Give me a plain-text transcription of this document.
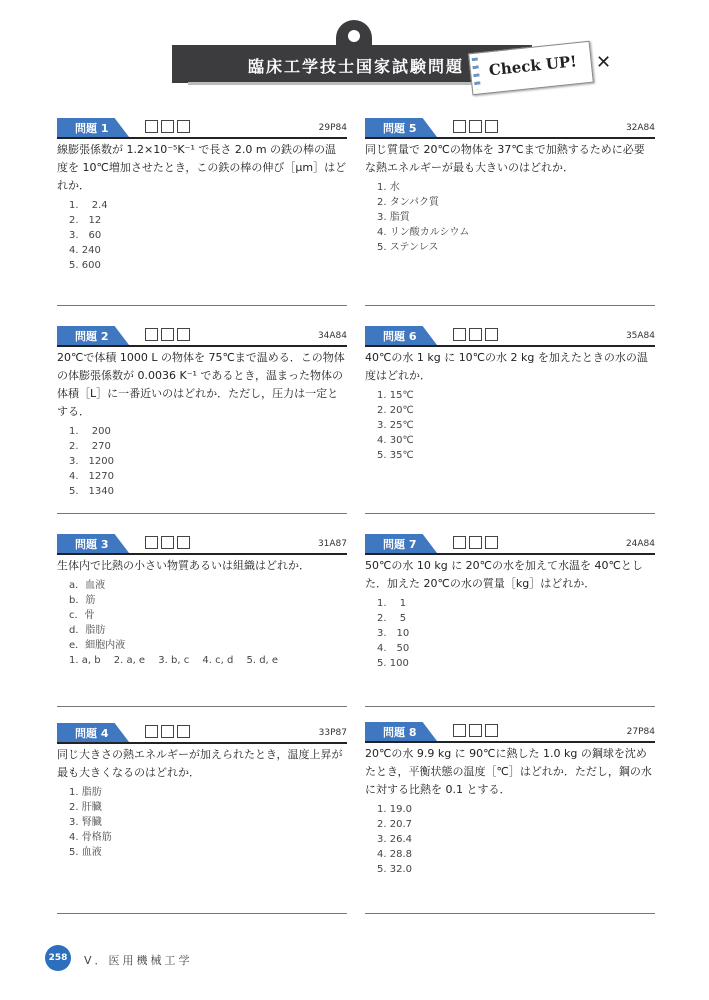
臨床工学技士国家試験問題 Check UP! ✕
問題 1	29P84
線膨張係数が 1.2×10⁻⁵K⁻¹ で長さ 2.0 m の鉄の棒の温度を 10℃増加させたとき，この鉄の棒の伸び［μm］はどれか．
1.　 2.4
2.　12
3.　60
4. 240
5. 600
問題 2	34A84
20℃で体積 1000 L の物体を 75℃まで温める．この物体の体膨張係数が 0.0036 K⁻¹ であるとき，温まった物体の体積［L］に一番近いのはどれか．ただし，圧力は一定とする．
1.　 200
2.　 270
3.　1200
4.　1270
5.　1340
問題 3	31A87
生体内で比熱の小さい物質あるいは組織はどれか．
a．血液
b．筋
c．骨
d．脂肪
e．細胞内液
1. a, b　 2. a, e　 3. b, c　 4. c, d　 5. d, e
問題 4	33P87
同じ大きさの熱エネルギーが加えられたとき，温度上昇が最も大きくなるのはどれか．
1. 脂肪
2. 肝臓
3. 腎臓
4. 骨格筋
5. 血液
問題 5	32A84
同じ質量で 20℃の物体を 37℃まで加熱するために必要な熱エネルギーが最も大きいのはどれか．
1. 水
2. タンパク質
3. 脂質
4. リン酸カルシウム
5. ステンレス
問題 6	35A84
40℃の水 1 kg に 10℃の水 2 kg を加えたときの水の温度はどれか．
1. 15℃
2. 20℃
3. 25℃
4. 30℃
5. 35℃
問題 7	24A84
50℃の水 10 kg に 20℃の水を加えて水温を 40℃とした．加えた 20℃の水の質量［kg］はどれか．
1.　 1
2.　 5
3.　10
4.　50
5. 100
問題 8	27P84
20℃の水 9.9 kg に 90℃に熱した 1.0 kg の鋼球を沈めたとき，平衡状態の温度［℃］はどれか．ただし，鋼の水に対する比熱を 0.1 とする．
1. 19.0
2. 20.7
3. 26.4
4. 28.8
5. 32.0
258	V．医用機械工学
